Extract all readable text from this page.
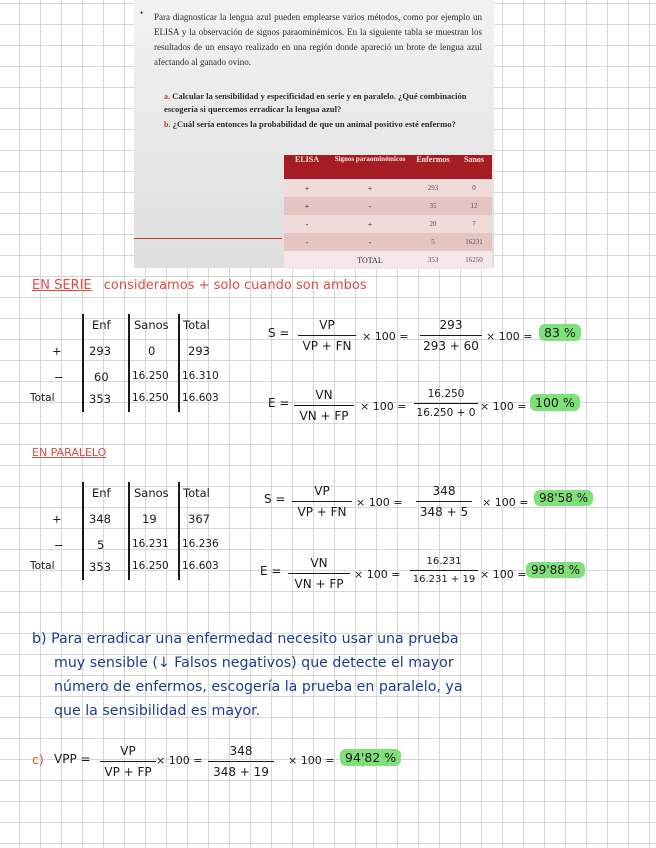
• Para diagnosticar la lengua azul pueden emplearse varios métodos, como por ejemplo un ELISA y la observación de signos paraominémicos. En la siguiente tabla se muestran los resultados de un ensayo realizado en una región donde apareció un brote de lengua azul afectando al ganado ovino.
a. Calcular la sensibilidad y especificidad en serie y en paralelo. ¿Qué combinación escogería si quercemos erradicar la lengua azul?
b. ¿Cuál sería entonces la probabilidad de que un animal positivo esté enfermo?
ELISA	Signos paraominémicos	Enfermos	Sanos
+	+	293	0
+	-	35	12
-	+	20	7
-	-	5	16231
	TOTAL	353	16250
EN SERIE consideramos + solo cuando son ambos
Enf Sanos Total
+ 293	0	293
−	60 16.250 16.310
Total	353 16.250 16.603
$S = \frac{VP}{VP + FN} \times 100 = \frac{293}{293 + 60} \times 100 = 83$ %
$E = \frac{VN}{VN + FP} \times 100 = \frac{16.250}{16.250 + 0} \times 100 = 100$ %
EN PARALELO
Enf Sanos Total
+ 348	19	367
−	5	16.231 16.236
Total	353 16.250 16.603
$S = \frac{VP}{VP + FN} \times 100 = \frac{348}{348 + 5} \times 100 = 98'58$ %
$E = \frac{VN}{VN + FP} \times 100 = \frac{16.231}{16.231 + 19} \times 100 = 99'88$ %
b) Para erradicar una enfermedad necesito usar una prueba
muy sensible (↓ Falsos negativos) que detecte el mayor
número de enfermos, escogería la prueba en paralelo, ya
que la sensibilidad es mayor.
c) VPP = $\frac{VP}{VP + FP} \times 100 = \frac{348}{348 + 19} \times 100 = 94'82$ %
